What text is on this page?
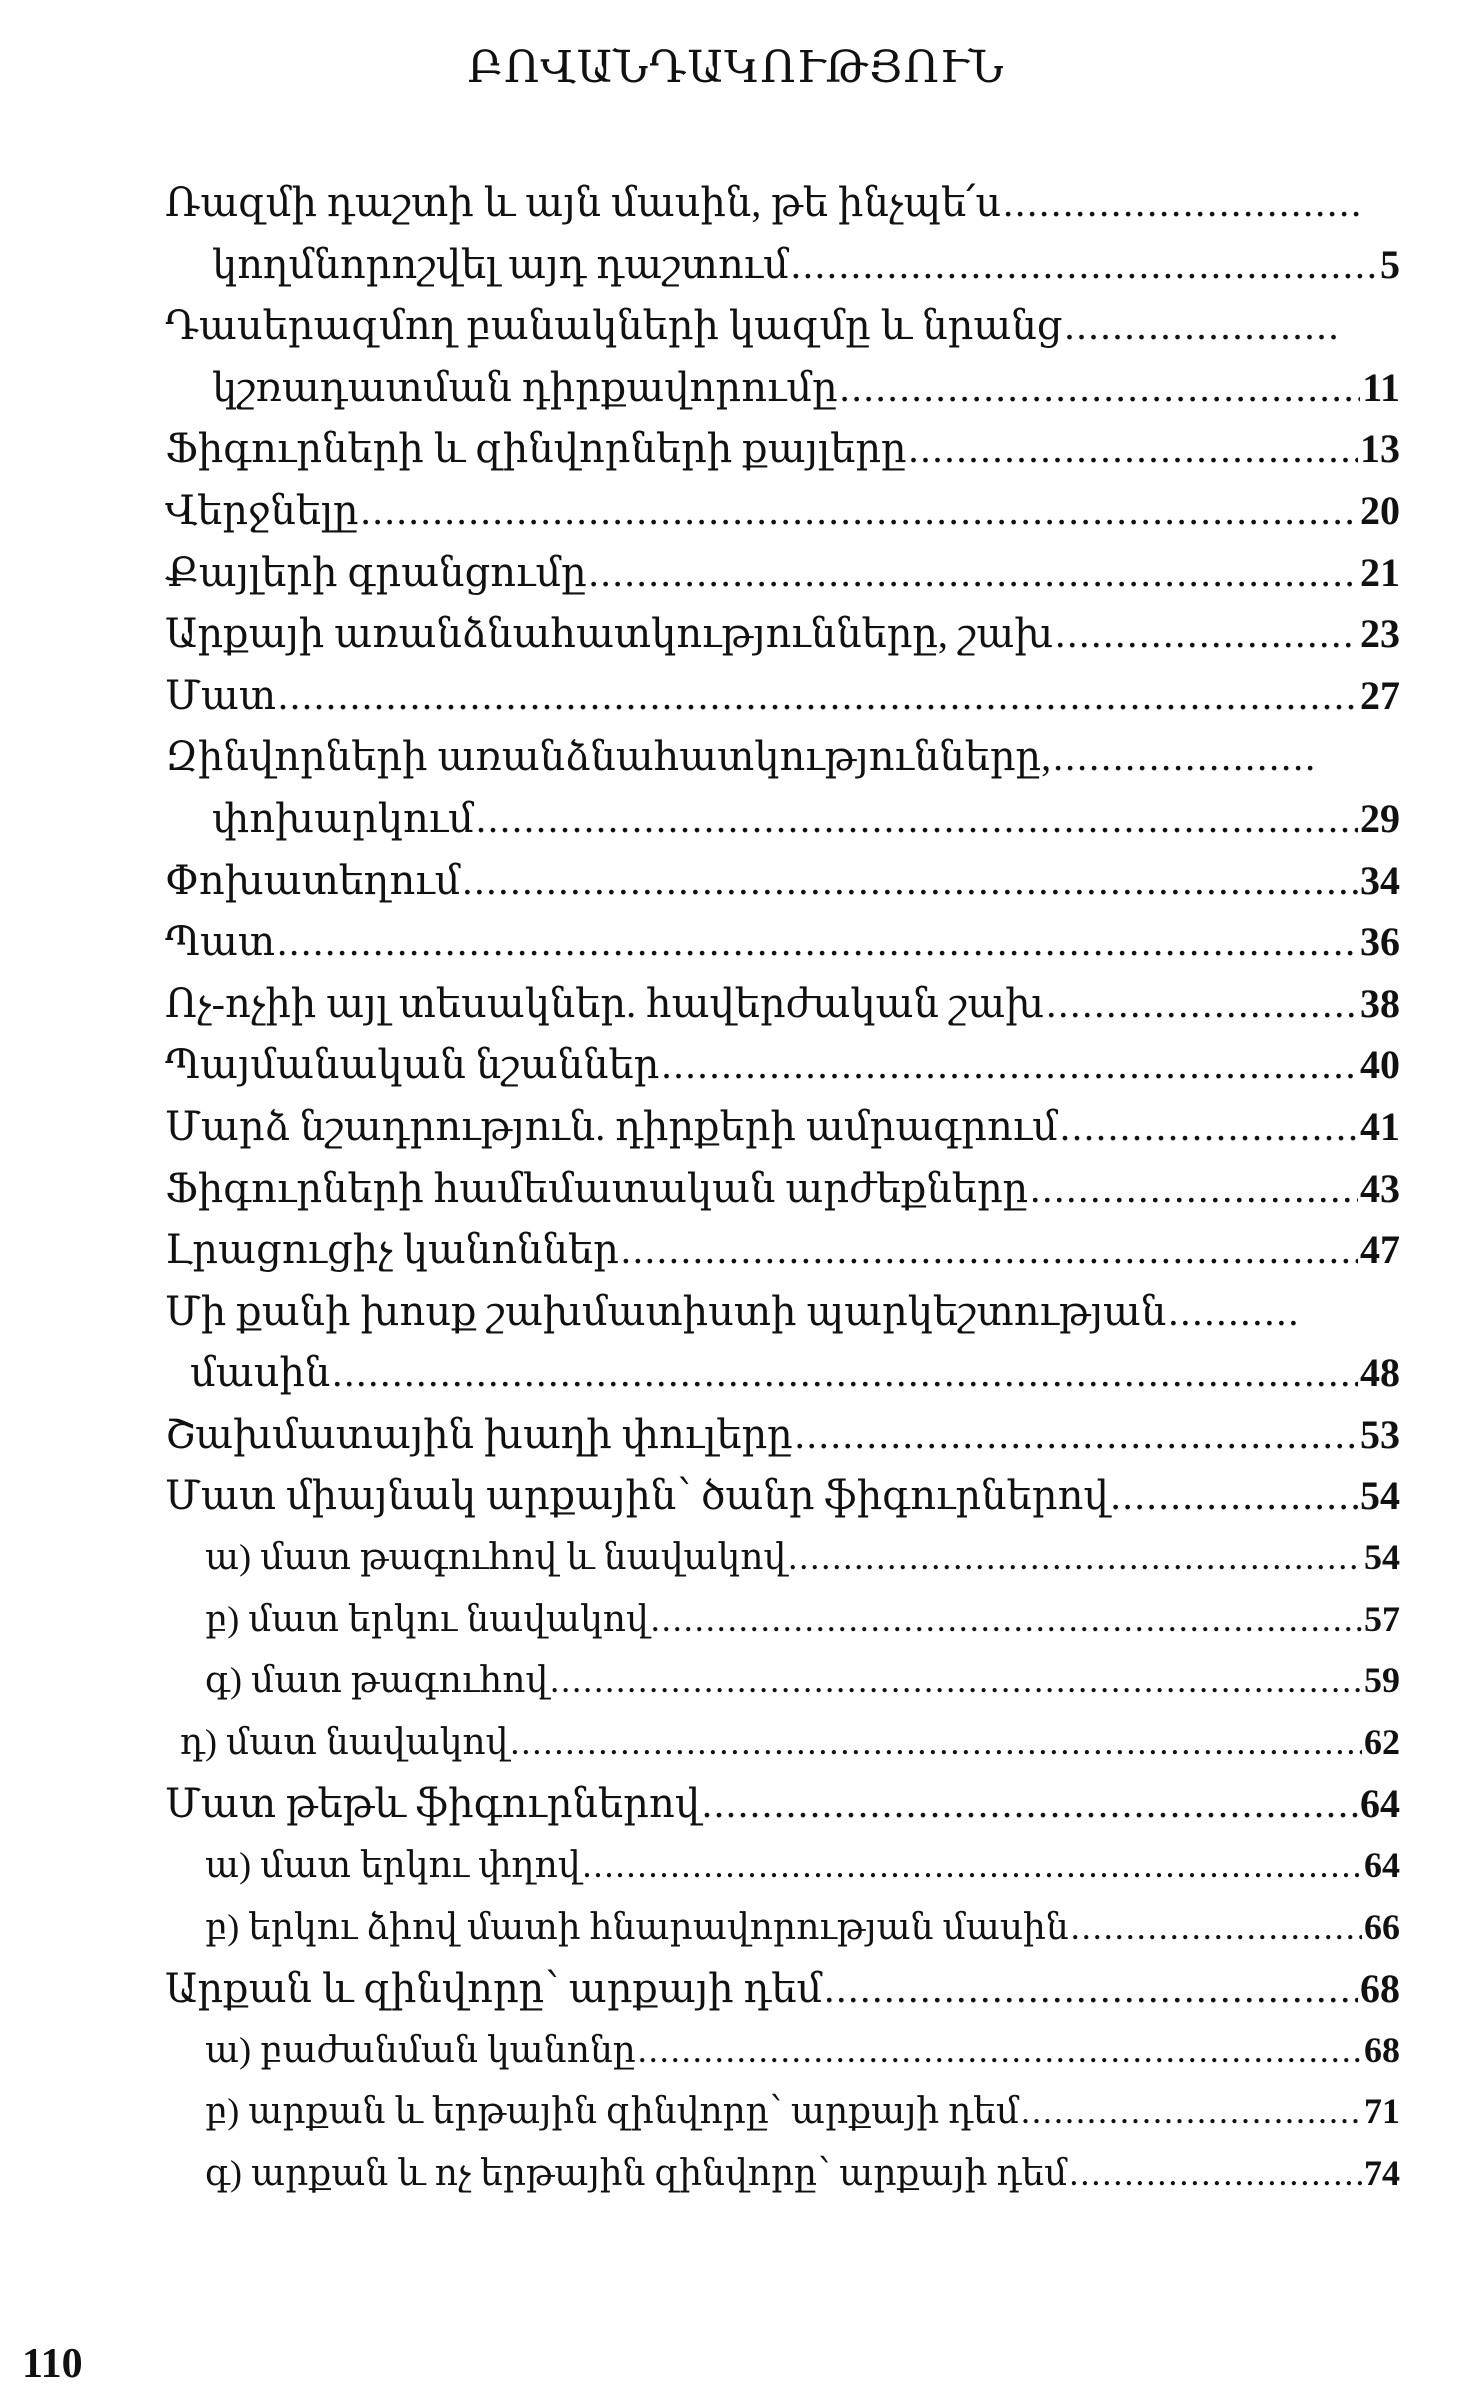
ԲՈՎԱՆԴԱԿՈՒԹՅՈՒՆ
Ռազմի դաշտի և այն մասին, թե ինչպե՛ս
.....
կողմնորոշվել այդ դաշտում .....	5
Դասերազմող բանակների կազմը և նրանց
.....
կշռադատման դիրքավորումը .....	11
Ֆիգուրների և զինվորների քայլերը .....	13
Վերջնելը .....	20
Քայլերի գրանցումը .....	21
Արքայի առանձնահատկությունները, շախ .....	23
Մատ .....	27
Զինվորների առանձնահատկությունները,
.....
փոխարկում .....	29
Փոխատեղում .....	34
Պատ .....	36
Ոչ-ոչիի այլ տեսակներ. հավերժական շախ .....	38
Պայմանական նշաններ .....	40
Մարձ նշադրություն. դիրքերի ամրագրում .....	41
Ֆիգուրների համեմատական արժեքները .....	43
Լրացուցիչ կանոններ .....	47
Մի քանի խոսք շախմատիստի պարկեշտության
.....
մասին .....	48
Շախմատային խաղի փուլերը .....	53
Մատ միայնակ արքային՝ ծանր ֆիգուրներով .....	54
ա) մատ թագուհով և նավակով .....	54
բ) մատ երկու նավակով .....	57
գ) մատ թագուհով .....	59
դ) մատ նավակով .....	62
Մատ թեթև ֆիգուրներով .....	64
ա) մատ երկու փղով .....	64
բ) երկու ձիով մատի հնարավորության մասին .....	66
Արքան և զինվորը՝ արքայի դեմ .....	68
ա) բաժանման կանոնը .....	68
բ) արքան և երթային զինվորը՝ արքայի դեմ .....	71
գ) արքան և ոչ երթային զինվորը՝ արքայի դեմ .....	74
110
